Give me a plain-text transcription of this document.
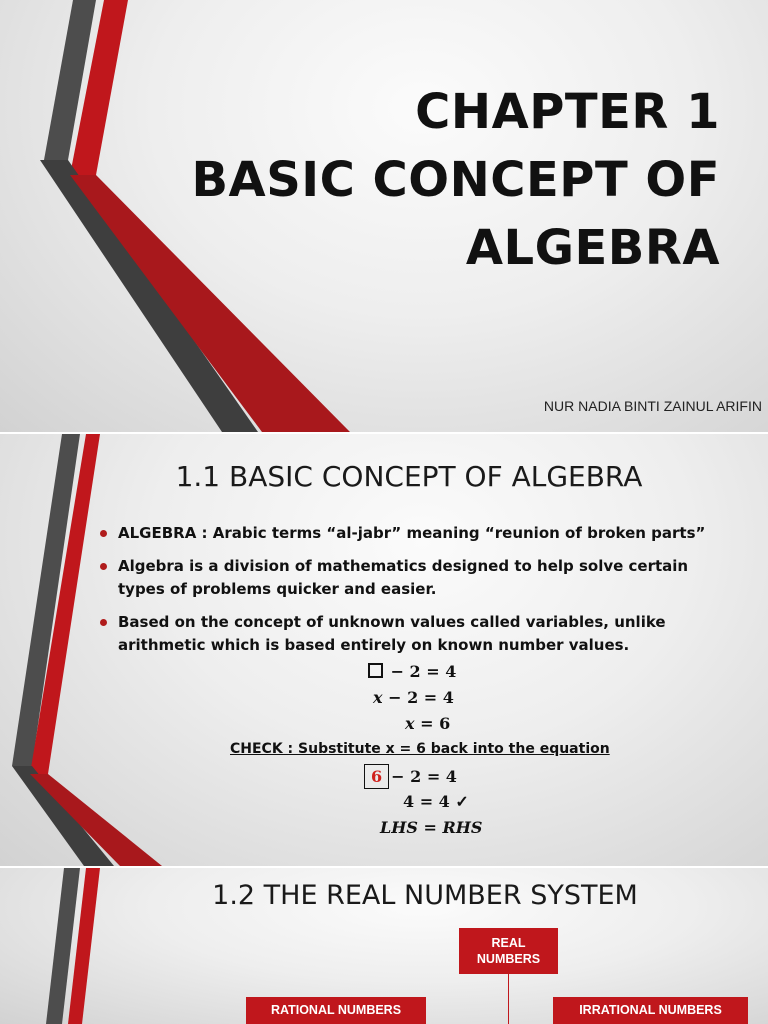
CHAPTER 1
BASIC CONCEPT OF
ALGEBRA
NUR NADIA BINTI ZAINUL ARIFIN
1.1 BASIC CONCEPT OF ALGEBRA
ALGEBRA : Arabic terms “al-jabr” meaning “reunion of broken parts”
Algebra is a division of mathematics designed to help solve certain types of problems quicker and easier.
Based on the concept of unknown values called variables, unlike arithmetic which is based entirely on known number values.
− 2 = 4
x − 2 = 4
x = 6
CHECK : Substitute x = 6 back into the equation
6 − 2 = 4
4 = 4 ✓
LHS = RHS
1.2 THE REAL NUMBER SYSTEM
REAL NUMBERS
RATIONAL NUMBERS	IRRATIONAL NUMBERS
